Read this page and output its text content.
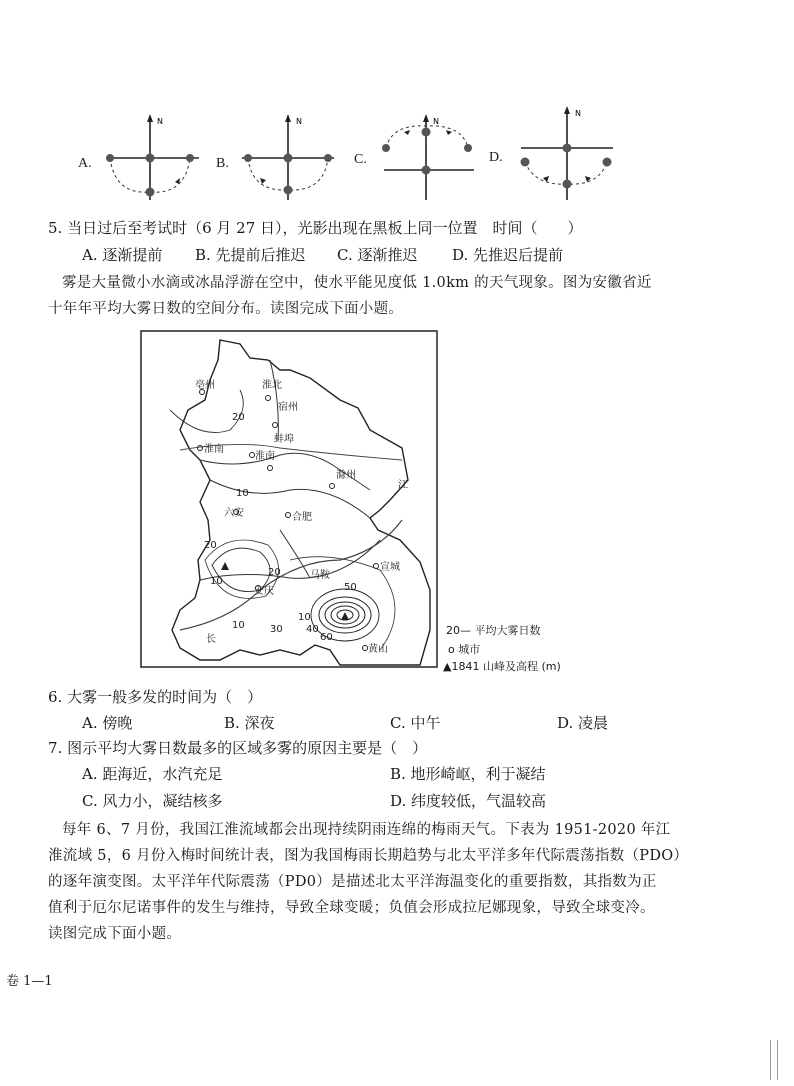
A.
N
B.
N
C.
N
D.
N
5. 当日过后至考试时（6 月 27 日），光影出现在黑板上同一位置　时间（　　）
A. 逐渐提前 B. 先提前后推迟 C. 逐渐推迟 D. 先推迟后提前
雾是大量微小水滴或冰晶浮游在空中，使水平能见度低 1.0km 的天气现象。图为安徽省近
十年年平均大雾日数的空间分布。读图完成下面小题。
亳州	淮北
宿州
淮南
淮南
蚌埠
滁州
六安	合肥
安庆
宣城
黄山
江
长
马鞍
20
10
20
10
20
10
10
30 40
50
60
20— 平均大雾日数
o 城市
▲1841 山峰及高程 (m)
6. 大雾一般多发的时间为（　）
A. 傍晚	B. 深夜	C. 中午	D. 凌晨
7. 图示平均大雾日数最多的区域多雾的原因主要是（　）
A. 距海近，水汽充足	B. 地形崎岖，利于凝结
C. 风力小，凝结核多	D. 纬度较低，气温较高
每年 6、7 月份，我国江淮流域都会出现持续阴雨连绵的梅雨天气。下表为 1951-2020 年江
淮流域 5，6 月份入梅时间统计表，图为我国梅雨长期趋势与北太平洋多年代际震荡指数（PDO）
的逐年演变图。太平洋年代际震荡（PD0）是描述北太平洋海温变化的重要指数，其指数为正
值利于厄尔尼诺事件的发生与维持，导致全球变暖；负值会形成拉尼娜现象，导致全球变冷。
读图完成下面小题。
卷 1—1
